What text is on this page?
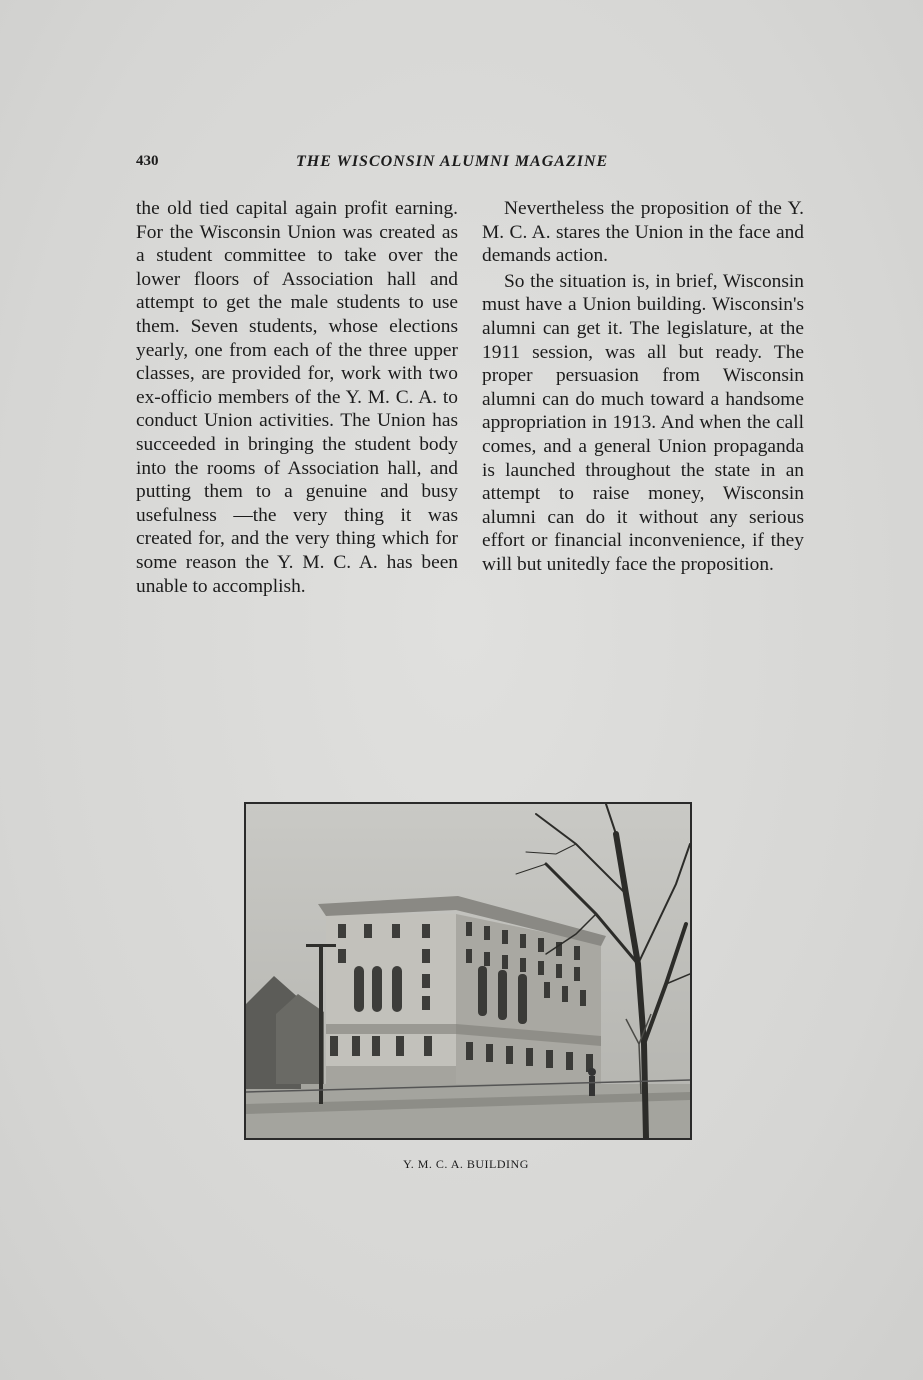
430	THE WISCONSIN ALUMNI MAGAZINE

the old tied capital again profit earning. For the Wisconsin Union was created as a student committee to take over the lower floors of Association hall and attempt to get the male students to use them. Seven students, whose elections yearly, one from each of the three upper classes, are provided for, work with two ex-officio members of the Y. M. C. A. to conduct Union activities. The Union has succeeded in bringing the student body into the rooms of Association hall, and putting them to a genuine and busy usefulness —the very thing it was created for, and the very thing which for some reason the Y. M. C. A. has been unable to accomplish.

Nevertheless the proposition of the Y. M. C. A. stares the Union in the face and demands action.

So the situation is, in brief, Wisconsin must have a Union building. Wisconsin's alumni can get it. The legislature, at the 1911 session, was all but ready. The proper persuasion from Wisconsin alumni can do much toward a handsome appropriation in 1913. And when the call comes, and a general Union propaganda is launched throughout the state in an attempt to raise money, Wisconsin alumni can do it without any serious effort or financial inconvenience, if they will but unitedly face the proposition.

Y. M. C. A. BUILDING
